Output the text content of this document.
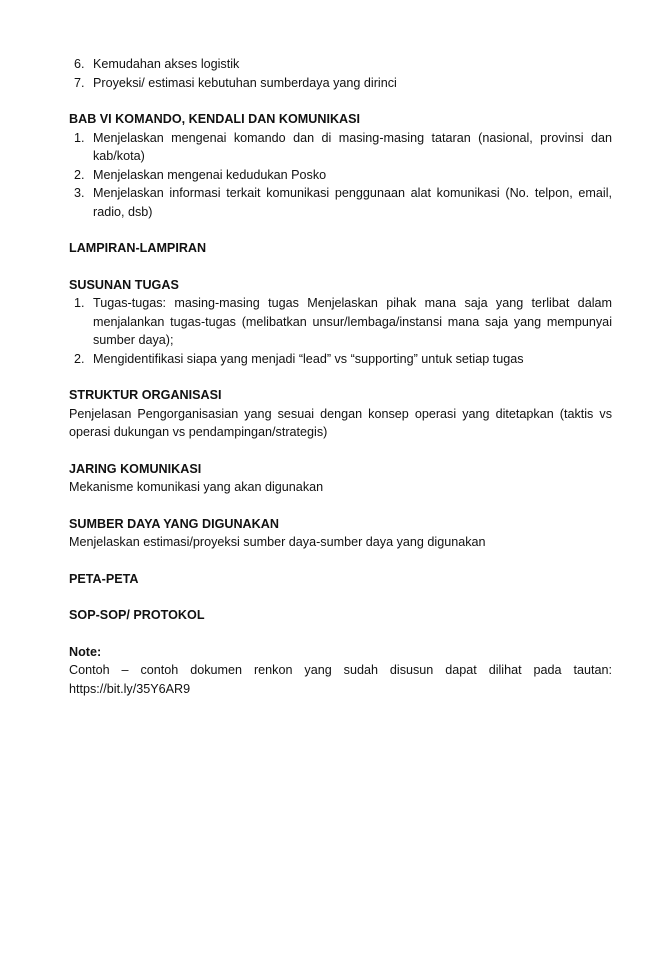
6. Kemudahan akses logistik
7. Proyeksi/ estimasi kebutuhan sumberdaya yang dirinci
BAB VI KOMANDO, KENDALI DAN KOMUNIKASI
1. Menjelaskan mengenai komando dan di masing-masing tataran (nasional, provinsi dan kab/kota)
2. Menjelaskan mengenai kedudukan Posko
3. Menjelaskan informasi terkait komunikasi penggunaan alat komunikasi (No. telpon, email, radio, dsb)
LAMPIRAN-LAMPIRAN
SUSUNAN TUGAS
1. Tugas-tugas: masing-masing tugas Menjelaskan pihak mana saja yang terlibat dalam menjalankan tugas-tugas (melibatkan unsur/lembaga/instansi mana saja yang mempunyai sumber daya);
2. Mengidentifikasi siapa yang menjadi “lead” vs “supporting” untuk setiap tugas
STRUKTUR ORGANISASI

Penjelasan Pengorganisasian yang sesuai dengan konsep operasi yang ditetapkan (taktis vs operasi dukungan vs pendampingan/strategis)

JARING KOMUNIKASI

Mekanisme komunikasi yang akan digunakan

SUMBER DAYA YANG DIGUNAKAN

Menjelaskan estimasi/proyeksi sumber daya-sumber daya yang digunakan

PETA-PETA
SOP-SOP/ PROTOKOL
Note:

Contoh – contoh dokumen renkon yang sudah disusun dapat dilihat pada tautan: https://bit.ly/35Y6AR9
